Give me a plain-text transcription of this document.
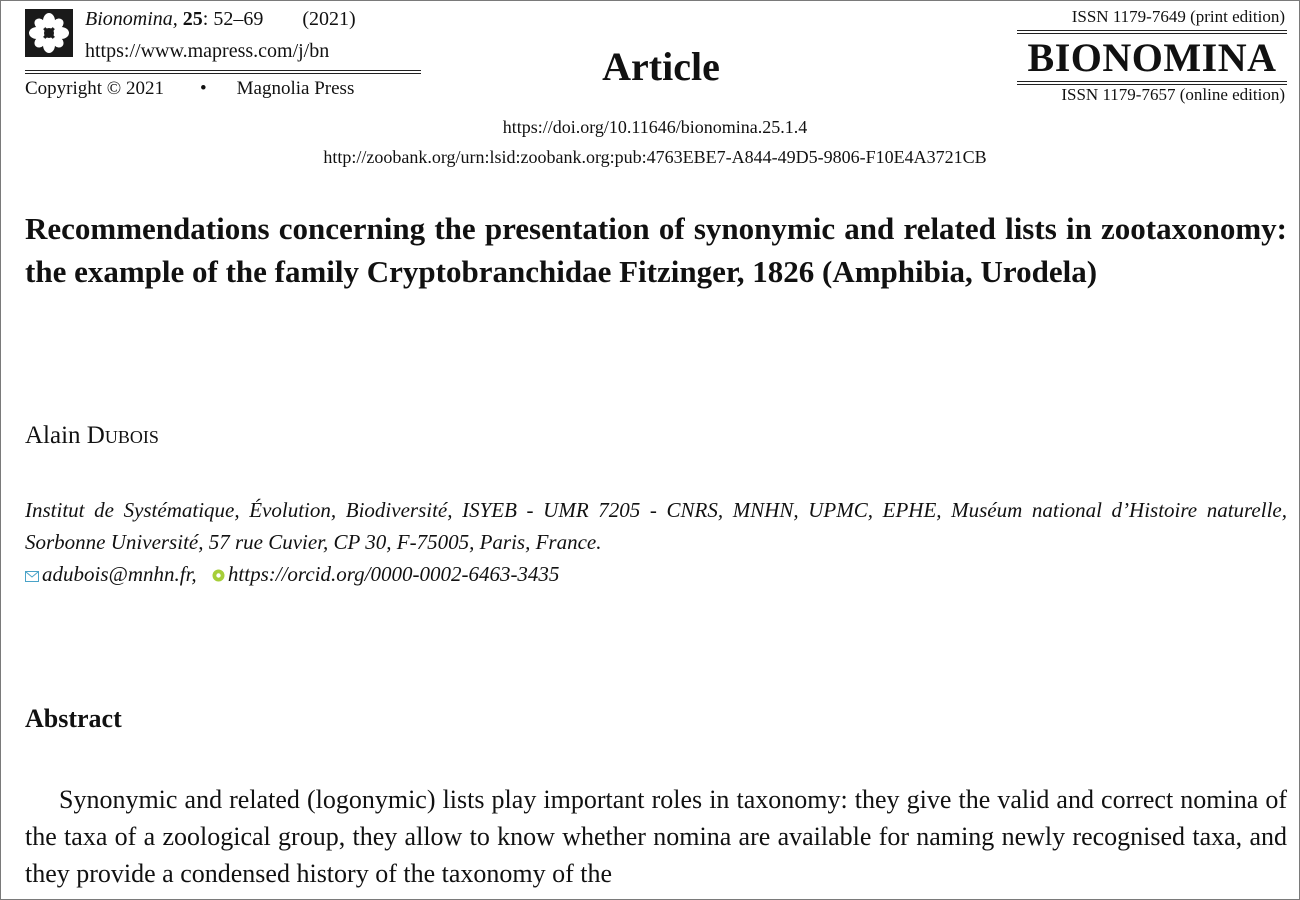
Bionomina, 25: 52–69 (2021)
https://www.mapress.com/j/bn
Copyright © 2021 • Magnolia Press	Article
ISSN 1179-7649 (print edition)
BIONOMINA
ISSN 1179-7657 (online edition)
https://doi.org/10.11646/bionomina.25.1.4
http://zoobank.org/urn:lsid:zoobank.org:pub:4763EBE7-A844-49D5-9806-F10E4A3721CB
Recommendations concerning the presentation of synonymic and related lists in zootaxonomy: the example of the family Cryptobranchidae Fitzinger, 1826 (Amphibia, Urodela)
Alain Dubois

Institut de Systématique, Évolution, Biodiversité, ISYEB - UMR 7205 - CNRS, MNHN, UPMC, EPHE, Muséum national d’Histoire naturelle, Sorbonne Université, 57 rue Cuvier, CP 30, F-75005, Paris, France.

adubois@mnhn.fr, https://orcid.org/0000-0002-6463-3435
Abstract

Synonymic and related (logonymic) lists play important roles in taxonomy: they give the valid and correct nomina of the taxa of a zoological group, they allow to know whether nomina are available for naming newly recognised taxa, and they provide a condensed history of the taxonomy of the
